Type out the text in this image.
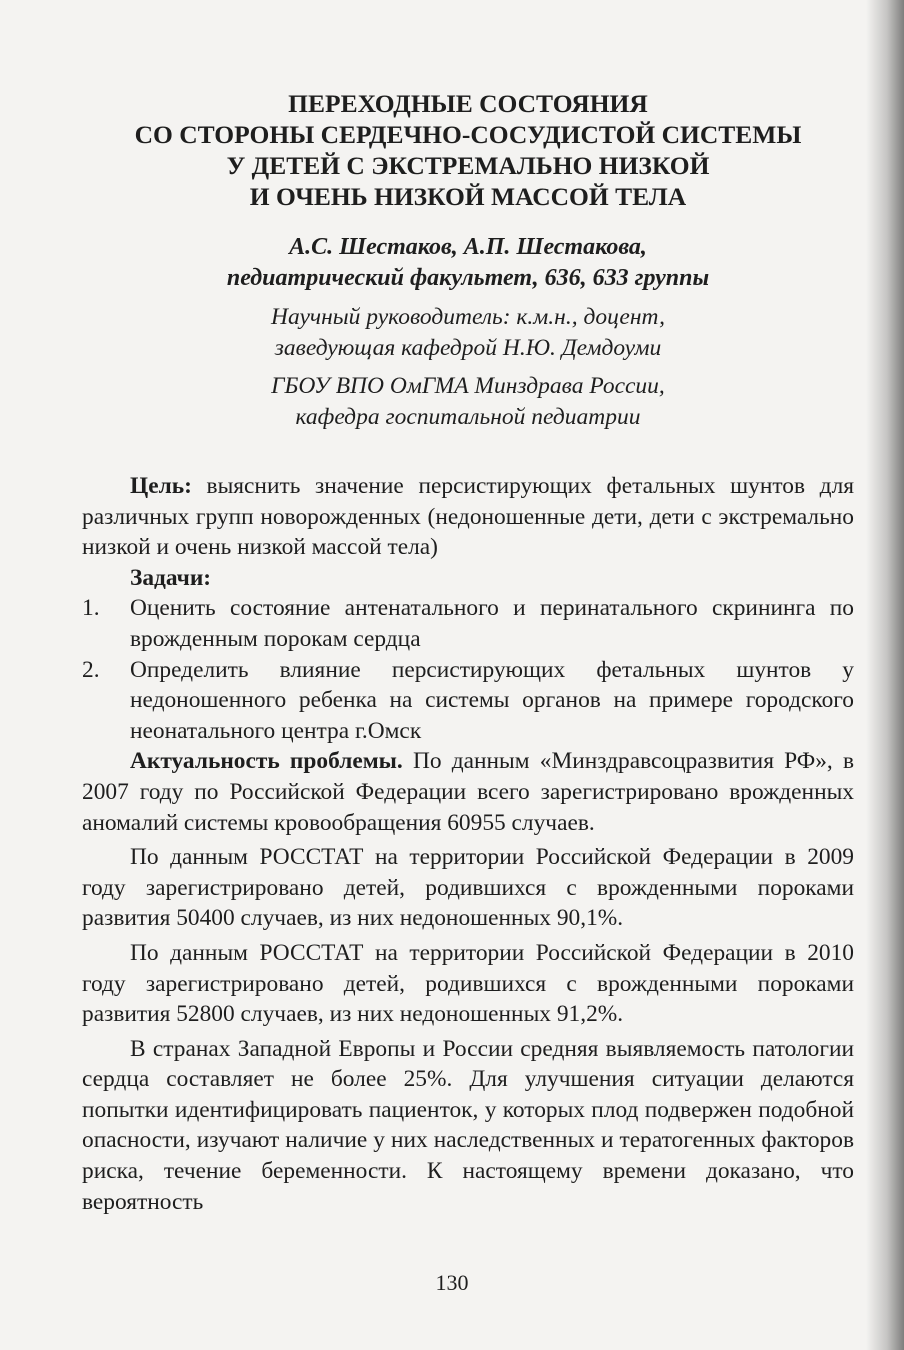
ПЕРЕХОДНЫЕ СОСТОЯНИЯ
СО СТОРОНЫ СЕРДЕЧНО-СОСУДИСТОЙ СИСТЕМЫ
У ДЕТЕЙ С ЭКСТРЕМАЛЬНО НИЗКОЙ
И ОЧЕНЬ НИЗКОЙ МАССОЙ ТЕЛА
А.С. Шестаков, А.П. Шестакова,
педиатрический факультет, 636, 633 группы
Научный руководитель: к.м.н., доцент,
заведующая кафедрой Н.Ю. Демдоуми
ГБОУ ВПО ОмГМА Минздрава России,
кафедра госпитальной педиатрии

Цель: выяснить значение персистирующих фетальных шунтов для различных групп новорожденных (недоношенные дети, дети с экстремально низкой и очень низкой массой тела)

Задачи:

1. Оценить состояние антенатального и перинатального скрининга по врожденным порокам сердца
2. Определить влияние персистирующих фетальных шунтов у недоношенного ребенка на системы органов на примере городского неонатального центра г.Омск

Актуальность проблемы. По данным «Минздравсоцразвития РФ», в 2007 году по Российской Федерации всего зарегистрировано врожденных аномалий системы кровообращения 60955 случаев.

По данным РОССТАТ на территории Российской Федерации в 2009 году зарегистрировано детей, родившихся с врожденными пороками развития 50400 случаев, из них недоношенных 90,1%.

По данным РОССТАТ на территории Российской Федерации в 2010 году зарегистрировано детей, родившихся с врожденными пороками развития 52800 случаев, из них недоношенных 91,2%.

В странах Западной Европы и России средняя выявляемость патологии сердца составляет не более 25%. Для улучшения ситуации делаются попытки идентифицировать пациенток, у которых плод подвержен подобной опасности, изучают наличие у них наследственных и тератогенных факторов риска, течение беременности. К настоящему времени доказано, что вероятность

130
